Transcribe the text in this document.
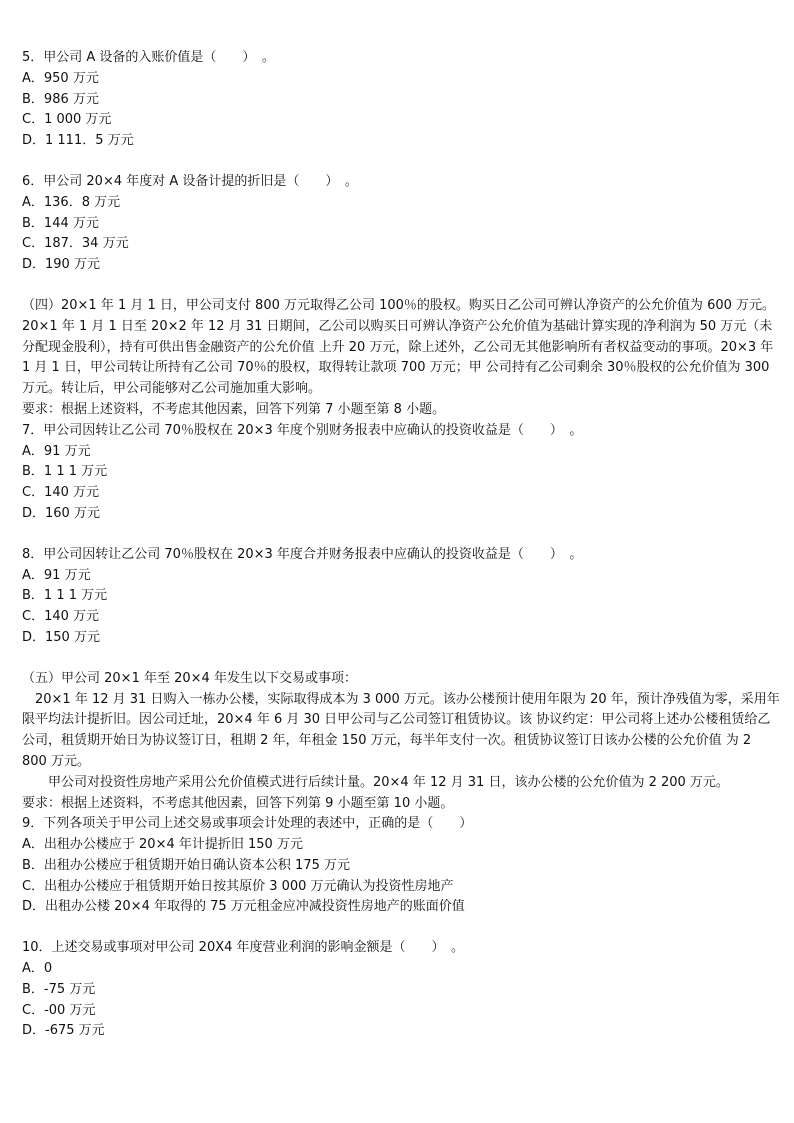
5．甲公司 A 设备的入账价值是（　　）　。
A．950 万元
B．986 万元
C．1 000 万元
D．1 111．5 万元
6．甲公司 20×4 年度对 A 设备计提的折旧是（　　）　。
A．136．8 万元
B．144 万元
C．187．34 万元
D．190 万元
（四）20×1 年 1 月 1 日，甲公司支付 800 万元取得乙公司 100％的股权。购买日乙公司可辨认净资产的公允价值为 600 万元。20×1 年 1 月 1 日至 20×2 年 12 月 31 日期间，乙公司以购买日可辨认净资产公允价值为基础计算实现的净利润为 50 万元（未分配现金股利），持有可供出售金融资产的公允价值 上升 20 万元，除上述外，乙公司无其他影响所有者权益变动的事项。20×3 年 1 月 1 日，甲公司转让所持有乙公司 70％的股权，取得转让款项 700 万元；甲 公司持有乙公司剩余 30％股权的公允价值为 300 万元。转让后，甲公司能够对乙公司施加重大影响。
要求：根据上述资料，不考虑其他因素，回答下列第 7 小题至第 8 小题。
7．甲公司因转让乙公司 70％股权在 20×3 年度个别财务报表中应确认的投资收益是（　　）　。
A．91 万元
B．1 1 1 万元
C．140 万元
D．160 万元
8．甲公司因转让乙公司 70％股权在 20×3 年度合并财务报表中应确认的投资收益是（　　）　。
A．91 万元
B．1 1 1 万元
C．140 万元
D．150 万元
（五）甲公司 20×1 年至 20×4 年发生以下交易或事项：
　20×1 年 12 月 31 日购入一栋办公楼，实际取得成本为 3 000 万元。该办公楼预计使用年限为 20 年，预计净残值为零，采用年限平均法计提折旧。因公司迁址，20×4 年 6 月 30 日甲公司与乙公司签订租赁协议。该 协议约定：甲公司将上述办公楼租赁给乙公司，租赁期开始日为协议签订日，租期 2 年，年租金 150 万元，每半年支付一次。租赁协议签订日该办公楼的公允价值 为 2 800 万元。
　　甲公司对投资性房地产采用公允价值模式进行后续计量。20×4 年 12 月 31 日，该办公楼的公允价值为 2 200 万元。
要求：根据上述资料，不考虑其他因素，回答下列第 9 小题至第 10 小题。
9．下列各项关于甲公司上述交易或事项会计处理的表述中，正确的是（　　）
A．出租办公楼应于 20×4 年计提折旧 150 万元
B．出租办公楼应于租赁期开始日确认资本公积 175 万元
C．出租办公楼应于租赁期开始日按其原价 3 000 万元确认为投资性房地产
D．出租办公楼 20×4 年取得的 75 万元租金应冲减投资性房地产的账面价值
10．上述交易或事项对甲公司 20X4 年度营业利润的影响金额是（　　）　。
A．0
B．-75 万元
C．-00 万元
D．-675 万元
